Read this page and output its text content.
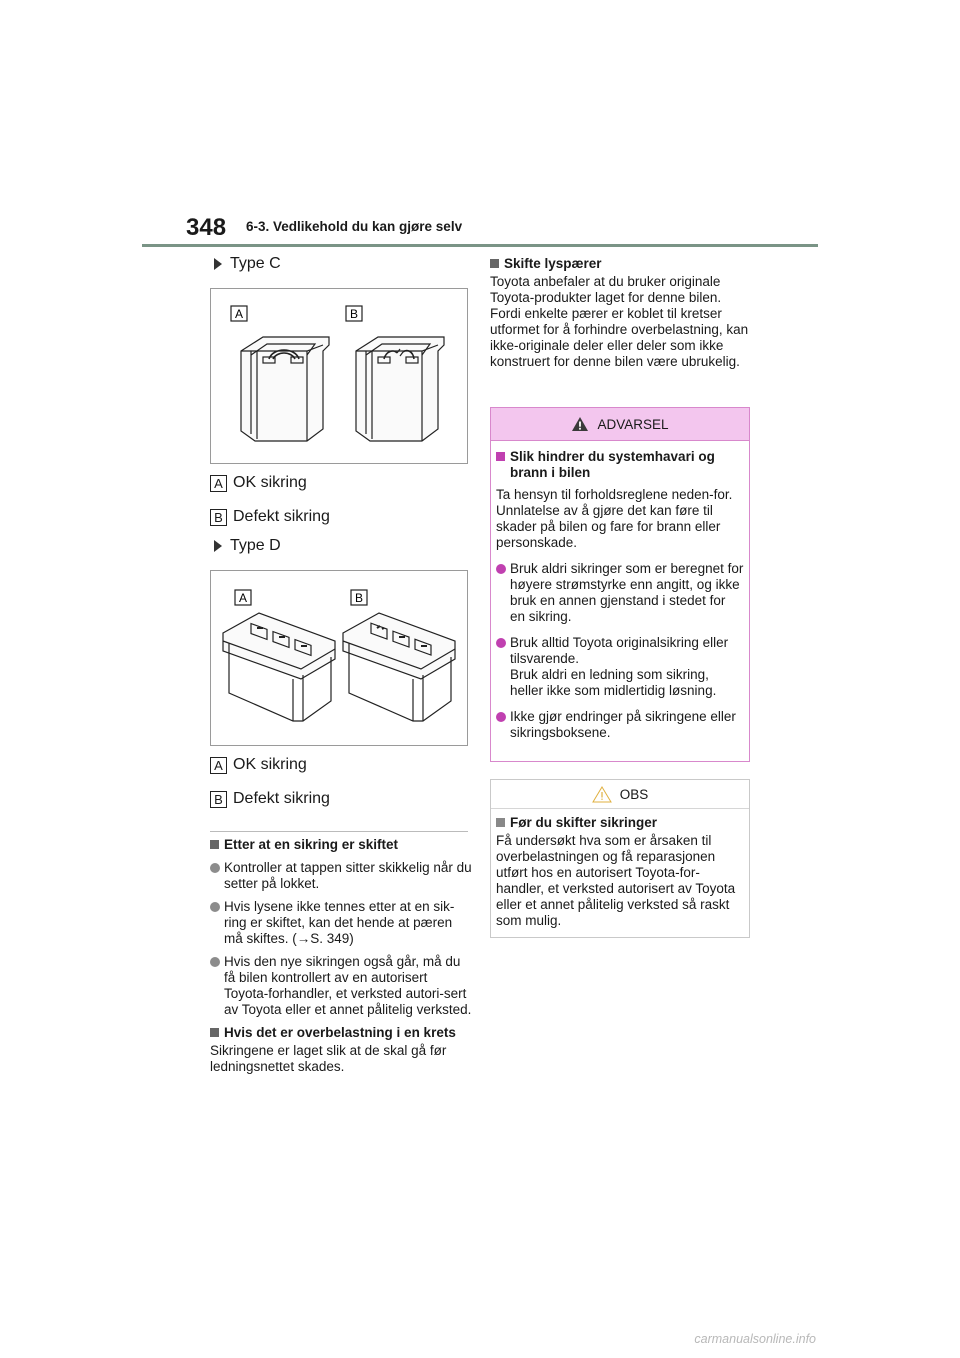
348 6-3. Vedlikehold du kan gjøre selv
Type C
A	B
A OK sikring
B Defekt sikring
Type D
A	B
A OK sikring
B Defekt sikring
Etter at en sikring er skiftet
Kontroller at tappen sitter skikkelig når du setter på lokket.
Hvis lysene ikke tennes etter at en sik-ring er skiftet, kan det hende at pæren må skiftes. (→S. 349)
Hvis den nye sikringen også går, må du få bilen kontrollert av en autorisert Toyota-forhandler, et verksted autori-sert av Toyota eller et annet pålitelig verksted.
Hvis det er overbelastning i en krets
Sikringene er laget slik at de skal gå før ledningsnettet skades.
Skifte lyspærer
Toyota anbefaler at du bruker originale Toyota-produkter laget for denne bilen. Fordi enkelte pærer er koblet til kretser utformet for å forhindre overbelastning, kan ikke-originale deler eller deler som ikke konstruert for denne bilen være ubrukelig.
ADVARSEL
Slik hindrer du systemhavari og brann i bilen
Ta hensyn til forholdsreglene neden-for.
Unnlatelse av å gjøre det kan føre til skader på bilen og fare for brann eller personskade.
Bruk aldri sikringer som er beregnet for høyere strømstyrke enn angitt, og ikke bruk en annen gjenstand i stedet for en sikring.
Bruk alltid Toyota originalsikring eller tilsvarende.
Bruk aldri en ledning som sikring, heller ikke som midlertidig løsning.
Ikke gjør endringer på sikringene eller sikringsboksene.
OBS
Før du skifter sikringer
Få undersøkt hva som er årsaken til overbelastningen og få reparasjonen utført hos en autorisert Toyota-for-handler, et verksted autorisert av Toyota eller et annet pålitelig verksted så raskt som mulig.
carmanualsonline.info
